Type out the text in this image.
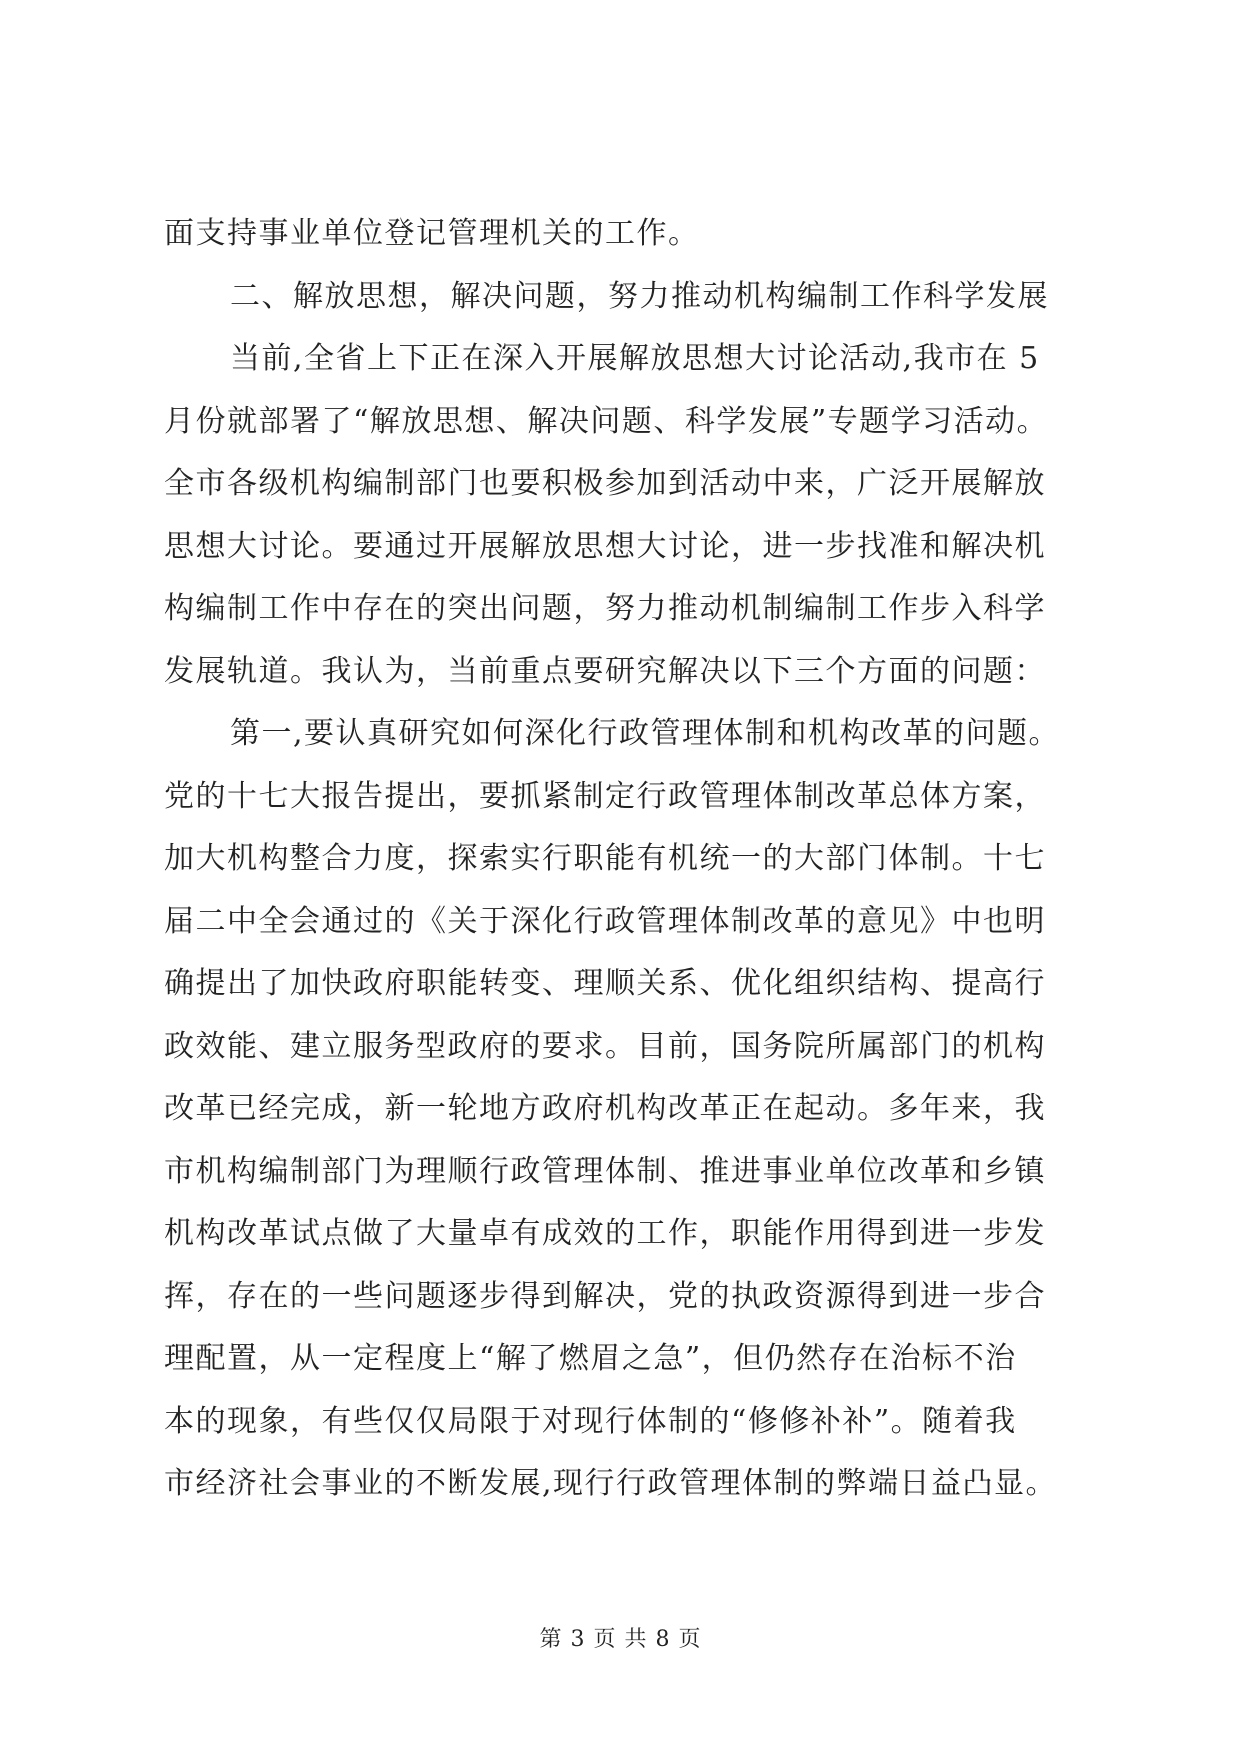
面支持事业单位登记管理机关的工作。
二、解放思想，解决问题，努力推动机构编制工作科学发展
当前,全省上下正在深入开展解放思想大讨论活动,我市在 5
月份就部署了“解放思想、解决问题、科学发展”专题学习活动。
全市各级机构编制部门也要积极参加到活动中来，广泛开展解放
思想大讨论。要通过开展解放思想大讨论，进一步找准和解决机
构编制工作中存在的突出问题，努力推动机制编制工作步入科学
发展轨道。我认为，当前重点要研究解决以下三个方面的问题：
第一,要认真研究如何深化行政管理体制和机构改革的问题。
党的十七大报告提出，要抓紧制定行政管理体制改革总体方案，
加大机构整合力度，探索实行职能有机统一的大部门体制。十七
届二中全会通过的《关于深化行政管理体制改革的意见》中也明
确提出了加快政府职能转变、理顺关系、优化组织结构、提高行
政效能、建立服务型政府的要求。目前，国务院所属部门的机构
改革已经完成，新一轮地方政府机构改革正在起动。多年来，我
市机构编制部门为理顺行政管理体制、推进事业单位改革和乡镇
机构改革试点做了大量卓有成效的工作，职能作用得到进一步发
挥，存在的一些问题逐步得到解决，党的执政资源得到进一步合
理配置，从一定程度上“解了燃眉之急”，但仍然存在治标不治
本的现象，有些仅仅局限于对现行体制的“修修补补”。随着我
市经济社会事业的不断发展,现行行政管理体制的弊端日益凸显。
第 3 页 共 8 页
